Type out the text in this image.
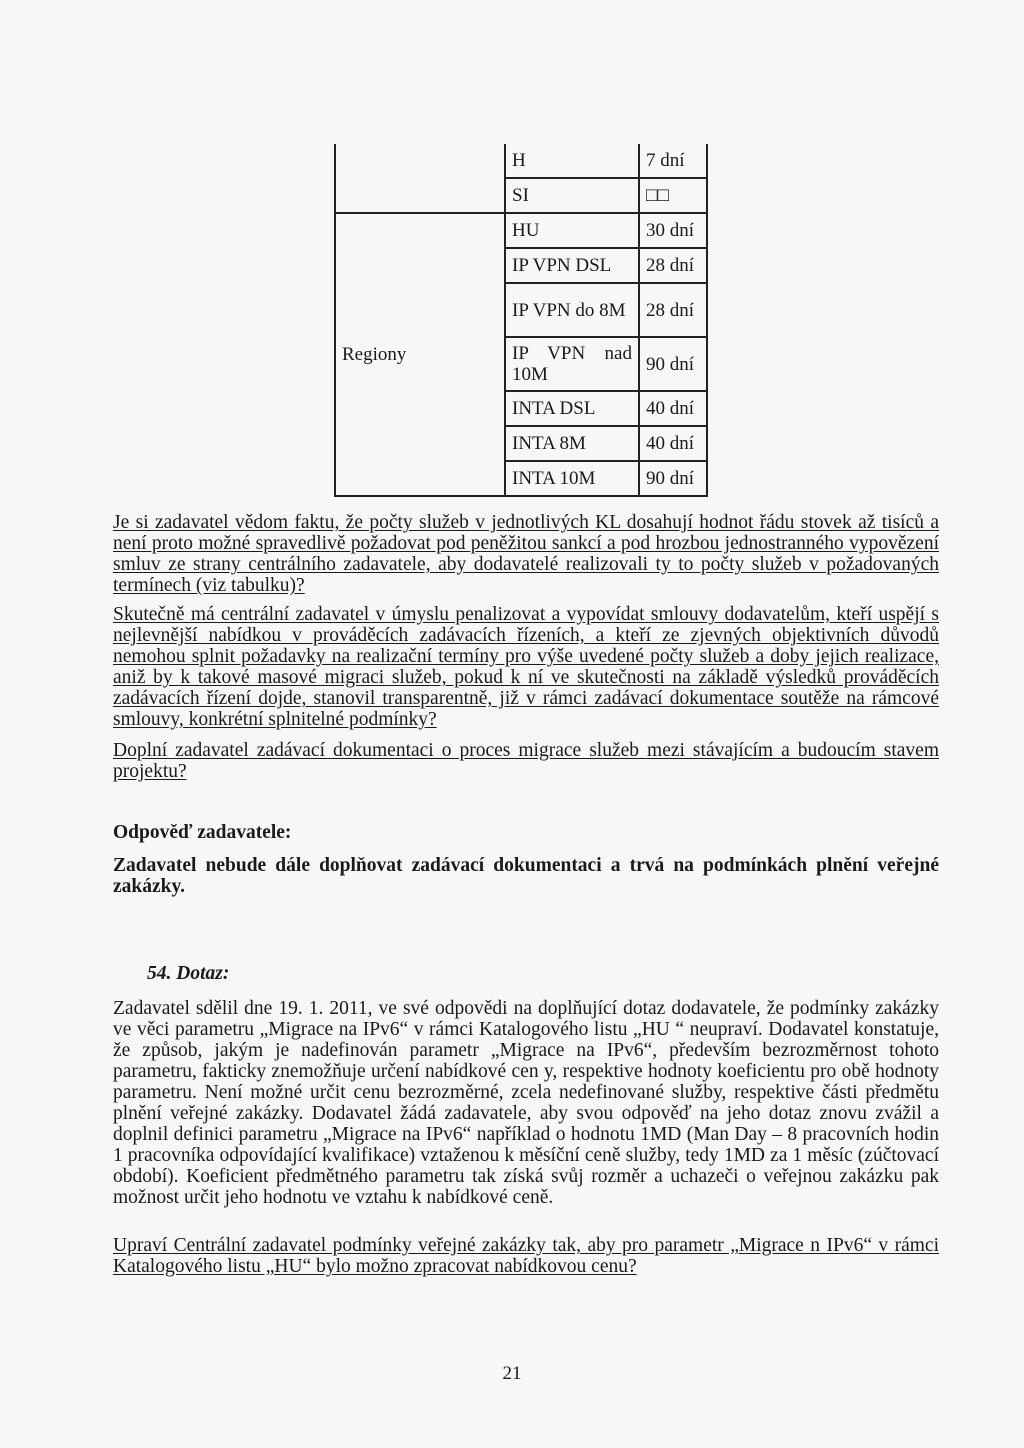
	H	7 dní
	SI	□□
Regiony	HU	30 dní
	IP VPN DSL	28 dní
	IP VPN do 8M	28 dní
	IP VPN nad 10M	90 dní
	INTA DSL	40 dní
	INTA 8M	40 dní
	INTA 10M	90 dní

Je si zadavatel vědom faktu, že počty služeb v jednotlivých KL dosahují hodnot řádu stovek až tisíců a není proto možné spravedlivě požadovat pod peněžitou sankcí a pod hrozbou jednostranného vypovězení smluv ze strany centrálního zadavatele, aby dodavatelé realizovali ty to počty služeb v požadovaných termínech (viz tabulku)?

Skutečně má centrální zadavatel v úmyslu penalizovat a vypovídat smlouvy dodavatelům, kteří uspějí s nejlevnější nabídkou v prováděcích zadávacích řízeních, a kteří ze zjevných objektivních důvodů nemohou splnit požadavky na realizační termíny pro výše uvedené počty služeb a doby jejich realizace, aniž by k takové masové migraci služeb, pokud k ní ve skutečnosti na základě výsledků prováděcích zadávacích řízení dojde, stanovil transparentně, již v rámci zadávací dokumentace soutěže na rámcové smlouvy, konkrétní splnitelné podmínky?

Doplní zadavatel zadávací dokumentaci o proces migrace služeb mezi stávajícím a budoucím stavem projektu?

Odpověď zadavatele:
Zadavatel nebude dále doplňovat zadávací dokumentaci a trvá na podmínkách plnění veřejné zakázky.
54. Dotaz:
Zadavatel sdělil dne 19. 1. 2011, ve své odpovědi na doplňující dotaz dodavatele, že podmínky zakázky ve věci parametru „Migrace na IPv6“ v rámci Katalogového listu „HU “ neupraví. Dodavatel konstatuje, že způsob, jakým je nadefinován parametr „Migrace na IPv6“, především bezrozměrnost tohoto parametru, fakticky znemožňuje určení nabídkové cen y, respektive hodnoty koeficientu pro obě hodnoty parametru. Není možné určit cenu bezrozměrné, zcela nedefinované služby, respektive části předmětu plnění veřejné zakázky. Dodavatel žádá zadavatele, aby svou odpověď na jeho dotaz znovu zvážil a doplnil definici parametru „Migrace na IPv6“ například o hodnotu 1MD (Man Day – 8 pracovních hodin 1 pracovníka odpovídající kvalifikace) vztaženou k měsíční ceně služby, tedy 1MD za 1 měsíc (zúčtovací období). Koeficient předmětného parametru tak získá svůj rozměr a uchazeči o veřejnou zakázku pak možnost určit jeho hodnotu ve vztahu k nabídkové ceně.

Upraví Centrální zadavatel podmínky veřejné zakázky tak, aby pro parametr „Migrace n IPv6“ v rámci Katalogového listu „HU“ bylo možno zpracovat nabídkovou cenu?

21
